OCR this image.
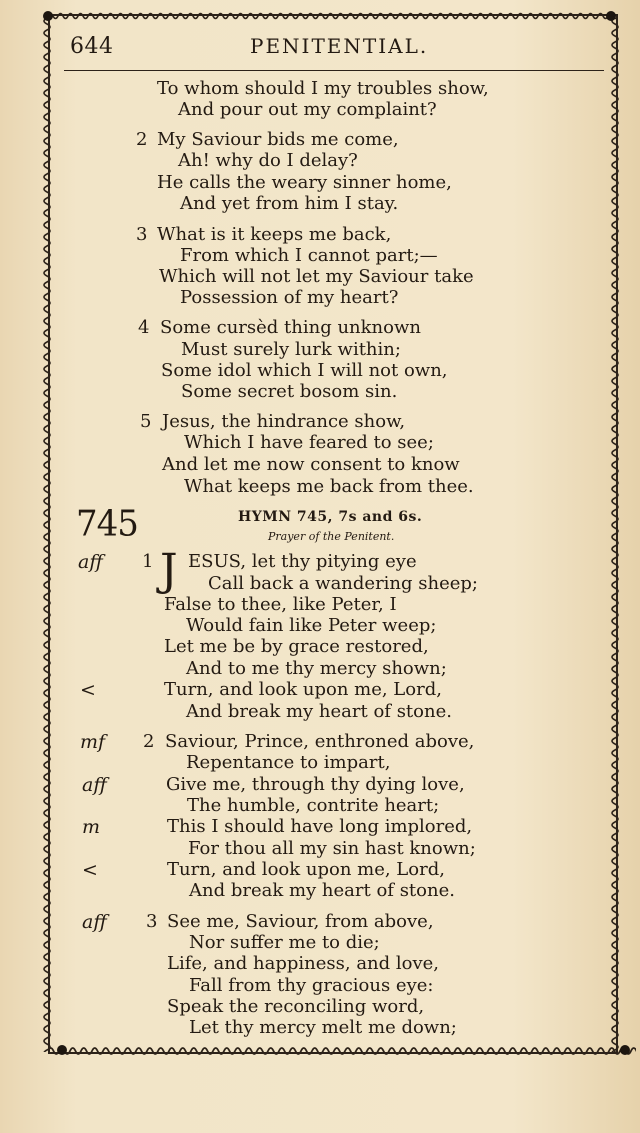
644	PENITENTIAL.
To whom should I my troubles show,
And pour out my complaint?
2 My Saviour bids me come,
Ah! why do I delay?
He calls the weary sinner home,
And yet from him I stay.
3 What is it keeps me back,
From which I cannot part;—
Which will not let my Saviour take
Possession of my heart?
4 Some cursèd thing unknown
Must surely lurk within;
Some idol which I will not own,
Some secret bosom sin.
5 Jesus, the hindrance show,
Which I have feared to see;
And let me now consent to know
What keeps me back from thee.
745	HYMN 745, 7s and 6s.
Prayer of the Penitent.
aff 1 J ESUS, let thy pitying eye
Call back a wandering sheep;
False to thee, like Peter, I
Would fain like Peter weep;
Let me be by grace restored,
And to me thy mercy shown;
<	Turn, and look upon me, Lord,
And break my heart of stone.
mf 2 Saviour, Prince, enthroned above,
Repentance to impart,
aff	Give me, through thy dying love,
The humble, contrite heart;
m	This I should have long implored,
For thou all my sin hast known;
<	Turn, and look upon me, Lord,
And break my heart of stone.
aff 3 See me, Saviour, from above,
Nor suffer me to die;
Life, and happiness, and love,
Fall from thy gracious eye:
Speak the reconciling word,
Let thy mercy melt me down;
